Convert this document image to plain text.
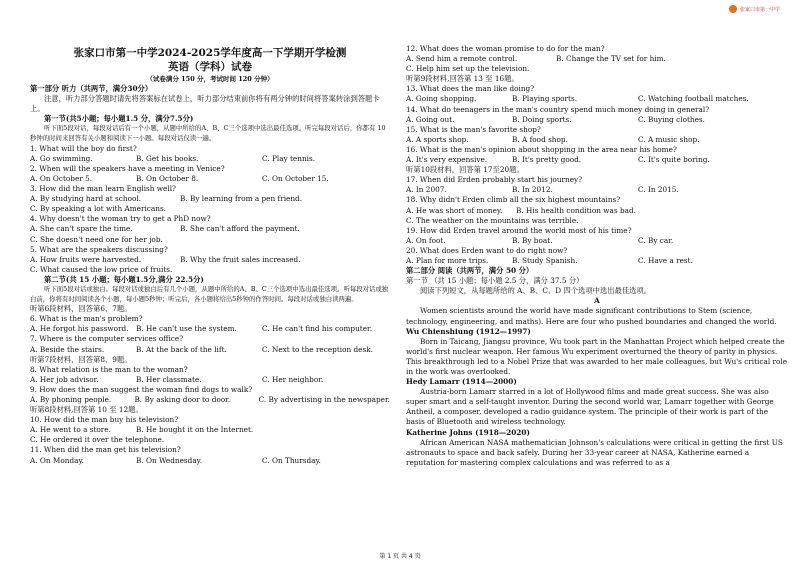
张家口市第一中学
张家口市第一中学2024-2025学年度高一下学期开学检测
英语（学科）试卷
（试卷满分 150 分，考试时间 120 分钟）
第一部分 听力（共两节，满分30分）
注意，听力部分答题时请先将答案标在试卷上，听力部分结束前你将有两分钟的时间将答案转涂到答题卡上。
第一节(共5小题；每小题1.5 分，满分7.5分)
听下面5段对话，每段对话后有一个小题，从题中所给的A、B、C三个选项中选出最佳选项。听完每段对话后，你都有 10秒钟的时间来回答有关小题和阅读下一小题。每段对话仅读一遍。
1. What will the boy do first?
A. Go swimming.	B. Get his books.	C. Play tennis.
2. When will the speakers have a meeting in Venice?
A. On October 5.	B. On October 8.	C. On October 15.
3. How did the man learn English well?
A. By studying hard at school.	B. By learning from a pen friend.
C. By speaking a lot with Americans.
4. Why doesn't the woman try to get a PhD now?
A. She can't spare the time.	B. She can't afford the payment.
C. She doesn't need one for her job.
5. What are the speakers discussing?
A. How fruits were harvested.	B. Why the fruit sales increased.
C. What caused the low price of fruits.
第二节(共 15 小题；每小题1.5分,满分 22.5分)
听下面5段对话或独白。每段对话或独白后有几个小题，从题中所给的A、B、C三个选项中选出最佳选项。听每段对话或独白前，你将有时间阅读各个小题，每小题5秒钟；听完后，各小题将给出5秒钟的作答时间。每段对话或独白读两遍。
听第6段材料，回答第6、7题。
6. What is the man's problem?
A. He forgot his password.	B. He can't use the system.	C. He can't find his computer.
7. Where is the computer services office?
A. Beside the stairs.	B. At the back of the lift.	C. Next to the reception desk.
听第7段材料，回答第8、9题。
8. What relation is the man to the woman?
A. Her job advisor.	B. Her classmate.	C. Her neighbor.
9. How does the man suggest the woman find dogs to walk?
A. By phoning people.	B. By asking door to door.	C. By advertising in the newspaper.
听第8段材料,回答第 10 至 12题。
10. How did the man buy his television?
A. He went to a store.	B. He bought it on the Internet.
C. He ordered it over the telephone.
11. When did the man get his television?
A. On Monday.	B. On Wednesday.	C. On Thursday.
12. What does the woman promise to do for the man?
A. Send him a remote control.	B. Change the TV set for him.
C. Help him set up the television.
听第9段材料,回答第 13 至 16题。
13. What does the man like doing?
A. Going shopping.	B. Playing sports.	C. Watching football matches.
14. What do teenagers in the man's country spend much money doing in general?
A. Going out.	B. Doing sports.	C. Buying clothes.
15. What is the man's favorite shop?
A. A sports shop.	B. A food shop.	C. A music shop.
16. What is the man's opinion about shopping in the area near his home?
A. It's very expensive.	B. It's pretty good.	C. It's quite boring.
听第10段材料，回答第 17至20题。
17. When did Erden probably start his journey?
A. In 2007.	B. In 2012.	C. In 2015.
18. Why didn't Erden climb all the six highest mountains?
A. He was short of money.	B. His health condition was bad.
C. The weather on the mountains was terrible.
19. How did Erden travel around the world most of his time?
A. On foot.	B. By boat.	C. By car.
20. What does Erden want to do right now?
A. Plan for more trips.	B. Study Spanish.	C. Have a rest.
第二部分 阅读（共两节，满分 50 分）
第一节 （共 15 小题；每小题 2.5 分，满分 37.5 分）
阅读下列短文，从每题所给的 A、B、C、D 四个选项中选出最佳选项。
A
Women scientists around the world have made significant contributions to Stem (science, technology, engineering, and maths). Here are four who pushed boundaries and changed the world.
Wu Chienshiung (1912—1997)
Born in Taicang, Jiangsu province, Wu took part in the Manhattan Project which helped create the world's first nuclear weapon. Her famous Wu experiment overturned the theory of parity in physics. This breakthrough led to a Nobel Prize that was awarded to her male colleagues, but Wu's critical role in the work was overlooked.
Hedy Lamarr (1914—2000)
Austria-born Lamarr starred in a lot of Hollywood films and made great success. She was also super smart and a self-taught inventor. During the second world war, Lamarr together with George Antheil, a composer, developed a radio guidance system. The principle of their work is part of the basis of Bluetooth and wireless technology.
Katherine Johns (1918—2020)
African American NASA mathematician Johnson's calculations were critical in getting the first US astronauts to space and back safely. During her 33-year career at NASA, Katherine earned a reputation for mastering complex calculations and was referred to as a
第 1 页 共 4 页
